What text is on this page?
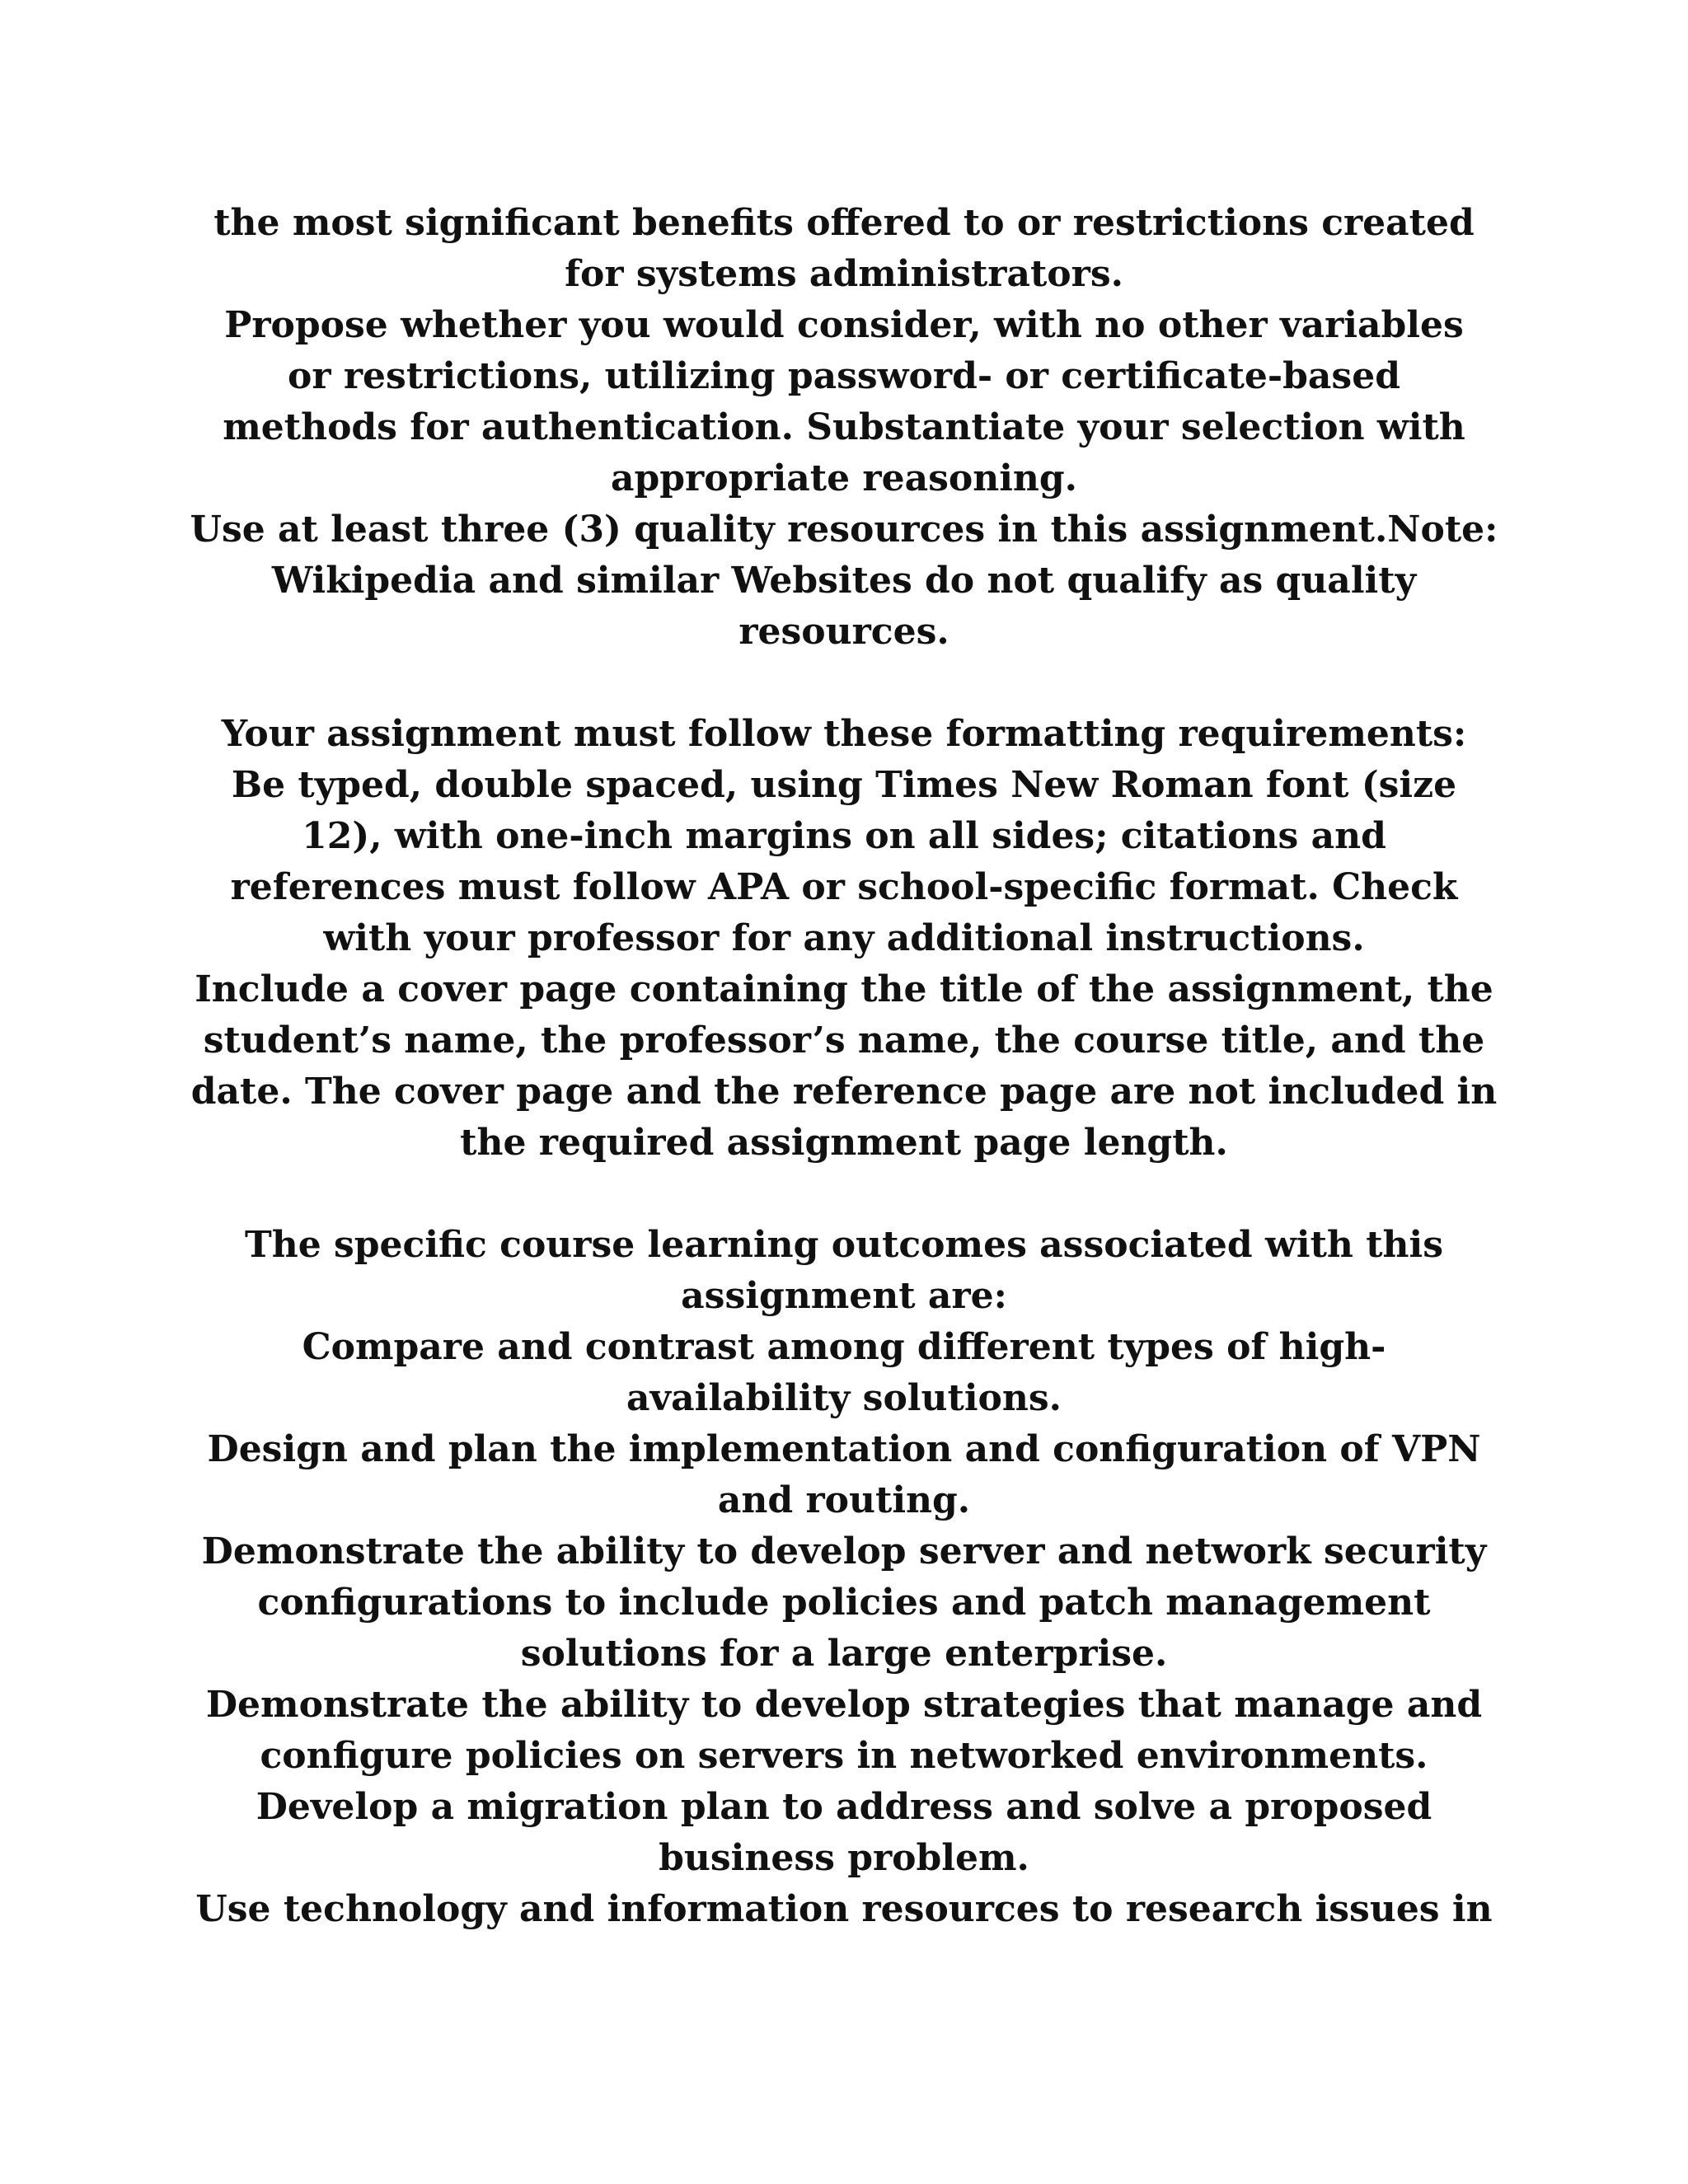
the most significant benefits offered to or restrictions created
for systems administrators.
Propose whether you would consider, with no other variables
or restrictions, utilizing password- or certificate-based
methods for authentication. Substantiate your selection with
appropriate reasoning.
Use at least three (3) quality resources in this assignment.Note:
Wikipedia and similar Websites do not qualify as quality
resources.
Your assignment must follow these formatting requirements:
Be typed, double spaced, using Times New Roman font (size
12), with one-inch margins on all sides; citations and
references must follow APA or school-specific format. Check
with your professor for any additional instructions.
Include a cover page containing the title of the assignment, the
student’s name, the professor’s name, the course title, and the
date. The cover page and the reference page are not included in
the required assignment page length.
The specific course learning outcomes associated with this
assignment are:
Compare and contrast among different types of high-
availability solutions.
Design and plan the implementation and configuration of VPN
and routing.
Demonstrate the ability to develop server and network security
configurations to include policies and patch management
solutions for a large enterprise.
Demonstrate the ability to develop strategies that manage and
configure policies on servers in networked environments.
Develop a migration plan to address and solve a proposed
business problem.
Use technology and information resources to research issues in
